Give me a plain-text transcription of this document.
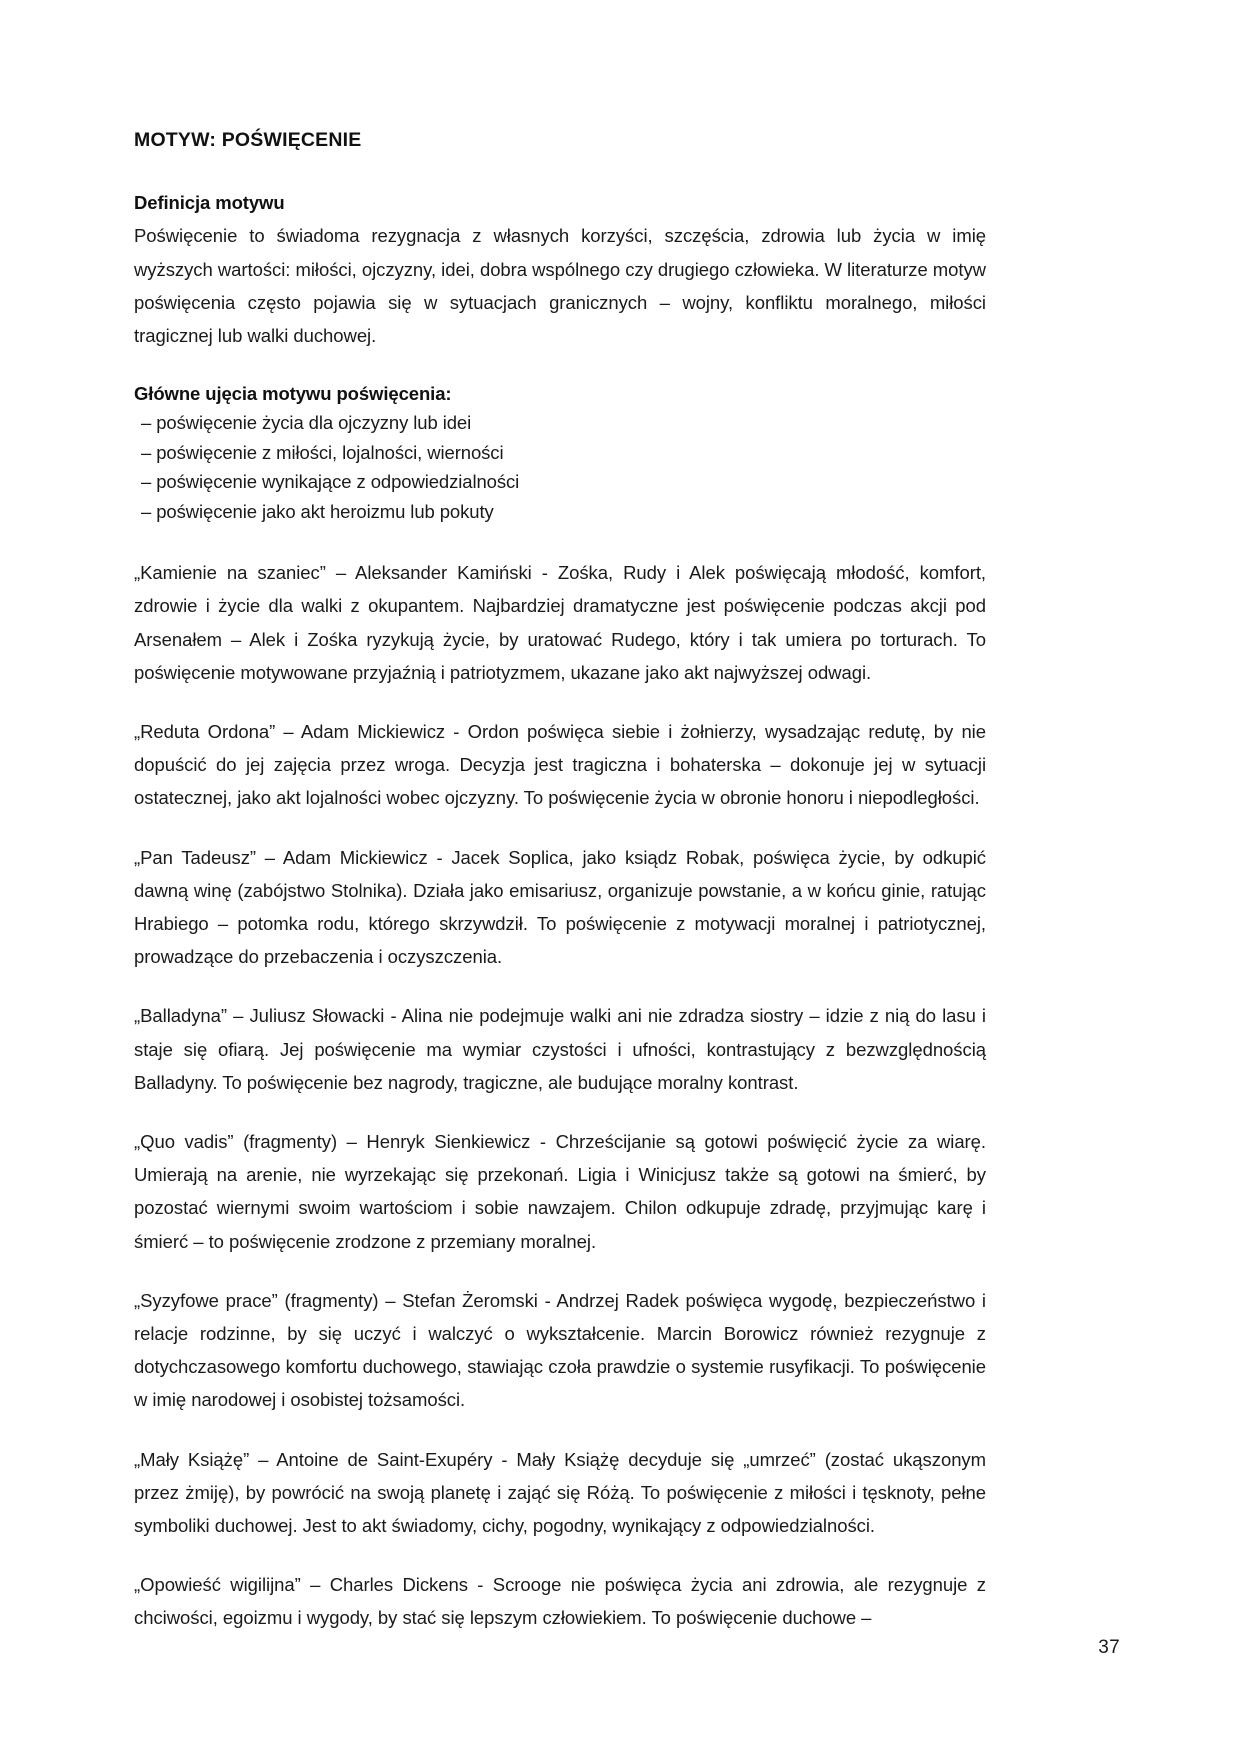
MOTYW: POŚWIĘCENIE
Definicja motywu

Poświęcenie to świadoma rezygnacja z własnych korzyści, szczęścia, zdrowia lub życia w imię wyższych wartości: miłości, ojczyzny, idei, dobra wspólnego czy drugiego człowieka. W literaturze motyw poświęcenia często pojawia się w sytuacjach granicznych – wojny, konfliktu moralnego, miłości tragicznej lub walki duchowej.

Główne ujęcia motywu poświęcenia:
– poświęcenie życia dla ojczyzny lub idei
– poświęcenie z miłości, lojalności, wierności
– poświęcenie wynikające z odpowiedzialności
– poświęcenie jako akt heroizmu lub pokuty

„Kamienie na szaniec” – Aleksander Kamiński - Zośka, Rudy i Alek poświęcają młodość, komfort, zdrowie i życie dla walki z okupantem. Najbardziej dramatyczne jest poświęcenie podczas akcji pod Arsenałem – Alek i Zośka ryzykują życie, by uratować Rudego, który i tak umiera po torturach. To poświęcenie motywowane przyjaźnią i patriotyzmem, ukazane jako akt najwyższej odwagi.

„Reduta Ordona” – Adam Mickiewicz - Ordon poświęca siebie i żołnierzy, wysadzając redutę, by nie dopuścić do jej zajęcia przez wroga. Decyzja jest tragiczna i bohaterska – dokonuje jej w sytuacji ostatecznej, jako akt lojalności wobec ojczyzny. To poświęcenie życia w obronie honoru i niepodległości.

„Pan Tadeusz” – Adam Mickiewicz - Jacek Soplica, jako ksiądz Robak, poświęca życie, by odkupić dawną winę (zabójstwo Stolnika). Działa jako emisariusz, organizuje powstanie, a w końcu ginie, ratując Hrabiego – potomka rodu, którego skrzywdził. To poświęcenie z motywacji moralnej i patriotycznej, prowadzące do przebaczenia i oczyszczenia.

„Balladyna” – Juliusz Słowacki - Alina nie podejmuje walki ani nie zdradza siostry – idzie z nią do lasu i staje się ofiarą. Jej poświęcenie ma wymiar czystości i ufności, kontrastujący z bezwzględnością Balladyny. To poświęcenie bez nagrody, tragiczne, ale budujące moralny kontrast.

„Quo vadis” (fragmenty) – Henryk Sienkiewicz - Chrześcijanie są gotowi poświęcić życie za wiarę. Umierają na arenie, nie wyrzekając się przekonań. Ligia i Winicjusz także są gotowi na śmierć, by pozostać wiernymi swoim wartościom i sobie nawzajem. Chilon odkupuje zdradę, przyjmując karę i śmierć – to poświęcenie zrodzone z przemiany moralnej.

„Syzyfowe prace” (fragmenty) – Stefan Żeromski - Andrzej Radek poświęca wygodę, bezpieczeństwo i relacje rodzinne, by się uczyć i walczyć o wykształcenie. Marcin Borowicz również rezygnuje z dotychczasowego komfortu duchowego, stawiając czoła prawdzie o systemie rusyfikacji. To poświęcenie w imię narodowej i osobistej tożsamości.

„Mały Książę” – Antoine de Saint-Exupéry - Mały Książę decyduje się „umrzeć” (zostać ukąszonym przez żmiję), by powrócić na swoją planetę i zająć się Różą. To poświęcenie z miłości i tęsknoty, pełne symboliki duchowej. Jest to akt świadomy, cichy, pogodny, wynikający z odpowiedzialności.

„Opowieść wigilijna” – Charles Dickens - Scrooge nie poświęca życia ani zdrowia, ale rezygnuje z chciwości, egoizmu i wygody, by stać się lepszym człowiekiem. To poświęcenie duchowe –

37
